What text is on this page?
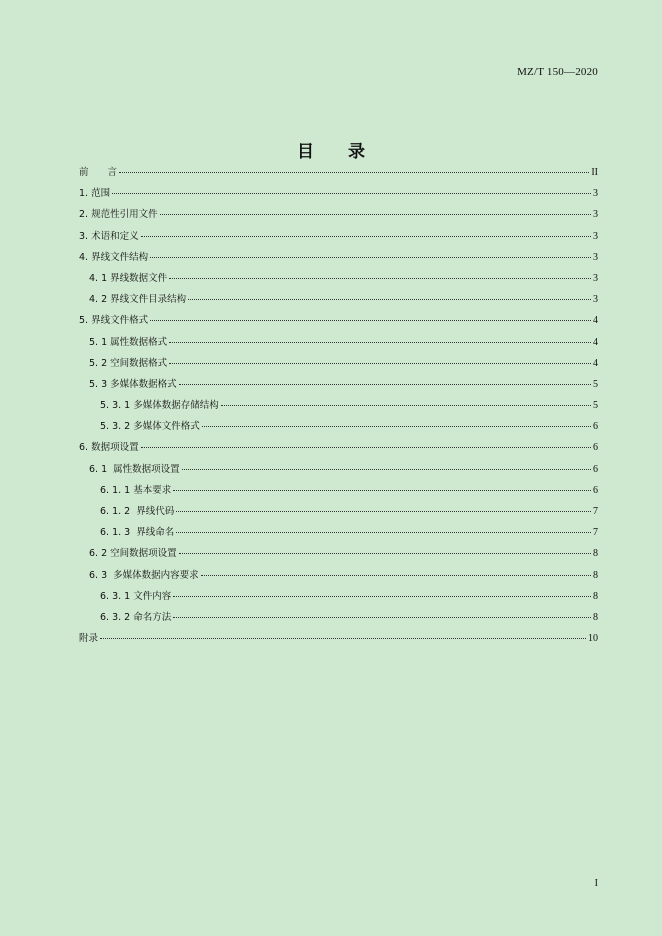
MZ/T 150—2020
目 录
前　　言	II
1. 范围	3
2. 规范性引用文件	3
3. 术语和定义	3
4. 界线文件结构	3
4. 1 界线数据文件	3
4. 2 界线文件目录结构	3
5. 界线文件格式	4
5. 1 属性数据格式	4
5. 2 空间数据格式	4
5. 3 多媒体数据格式	5
5. 3. 1 多媒体数据存储结构	5
5. 3. 2 多媒体文件格式	6
6. 数据项设置	6
6. 1  属性数据项设置	6
6. 1. 1 基本要求	6
6. 1. 2  界线代码	7
6. 1. 3  界线命名	7
6. 2 空间数据项设置	8
6. 3  多媒体数据内容要求	8
6. 3. 1 文件内容	8
6. 3. 2 命名方法	8
附录	10
I
